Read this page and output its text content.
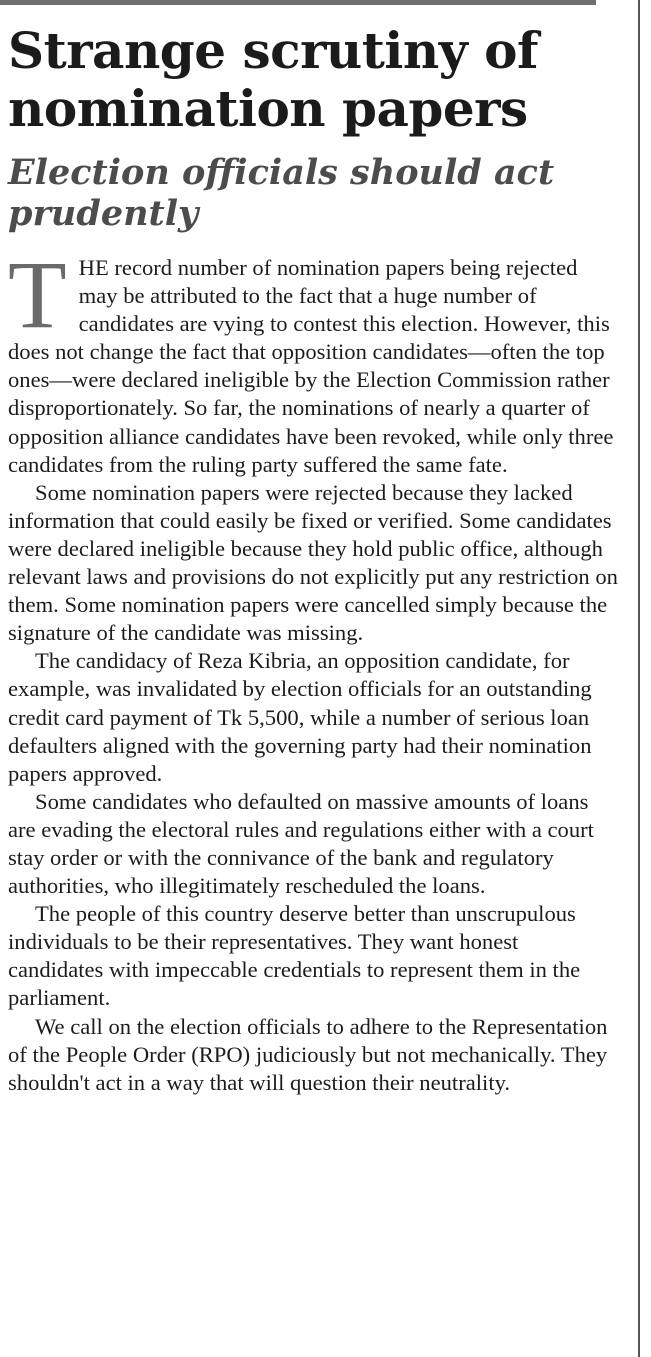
Strange scrutiny of nomination papers
Election officials should act prudently

THE record number of nomination papers being rejected may be attributed to the fact that a huge number of candidates are vying to contest this election. However, this does not change the fact that opposition candidates—often the top ones—were declared ineligible by the Election Commission rather disproportionately. So far, the nominations of nearly a quarter of opposition alliance candidates have been revoked, while only three candidates from the ruling party suffered the same fate.

Some nomination papers were rejected because they lacked information that could easily be fixed or verified. Some candidates were declared ineligible because they hold public office, although relevant laws and provisions do not explicitly put any restriction on them. Some nomination papers were cancelled simply because the signature of the candidate was missing.

The candidacy of Reza Kibria, an opposition candidate, for example, was invalidated by election officials for an outstanding credit card payment of Tk 5,500, while a number of serious loan defaulters aligned with the governing party had their nomination papers approved.

Some candidates who defaulted on massive amounts of loans are evading the electoral rules and regulations either with a court stay order or with the connivance of the bank and regulatory authorities, who illegitimately rescheduled the loans.

The people of this country deserve better than unscrupulous individuals to be their representatives. They want honest candidates with impeccable credentials to represent them in the parliament.

We call on the election officials to adhere to the Representation of the People Order (RPO) judiciously but not mechanically. They shouldn't act in a way that will question their neutrality.
